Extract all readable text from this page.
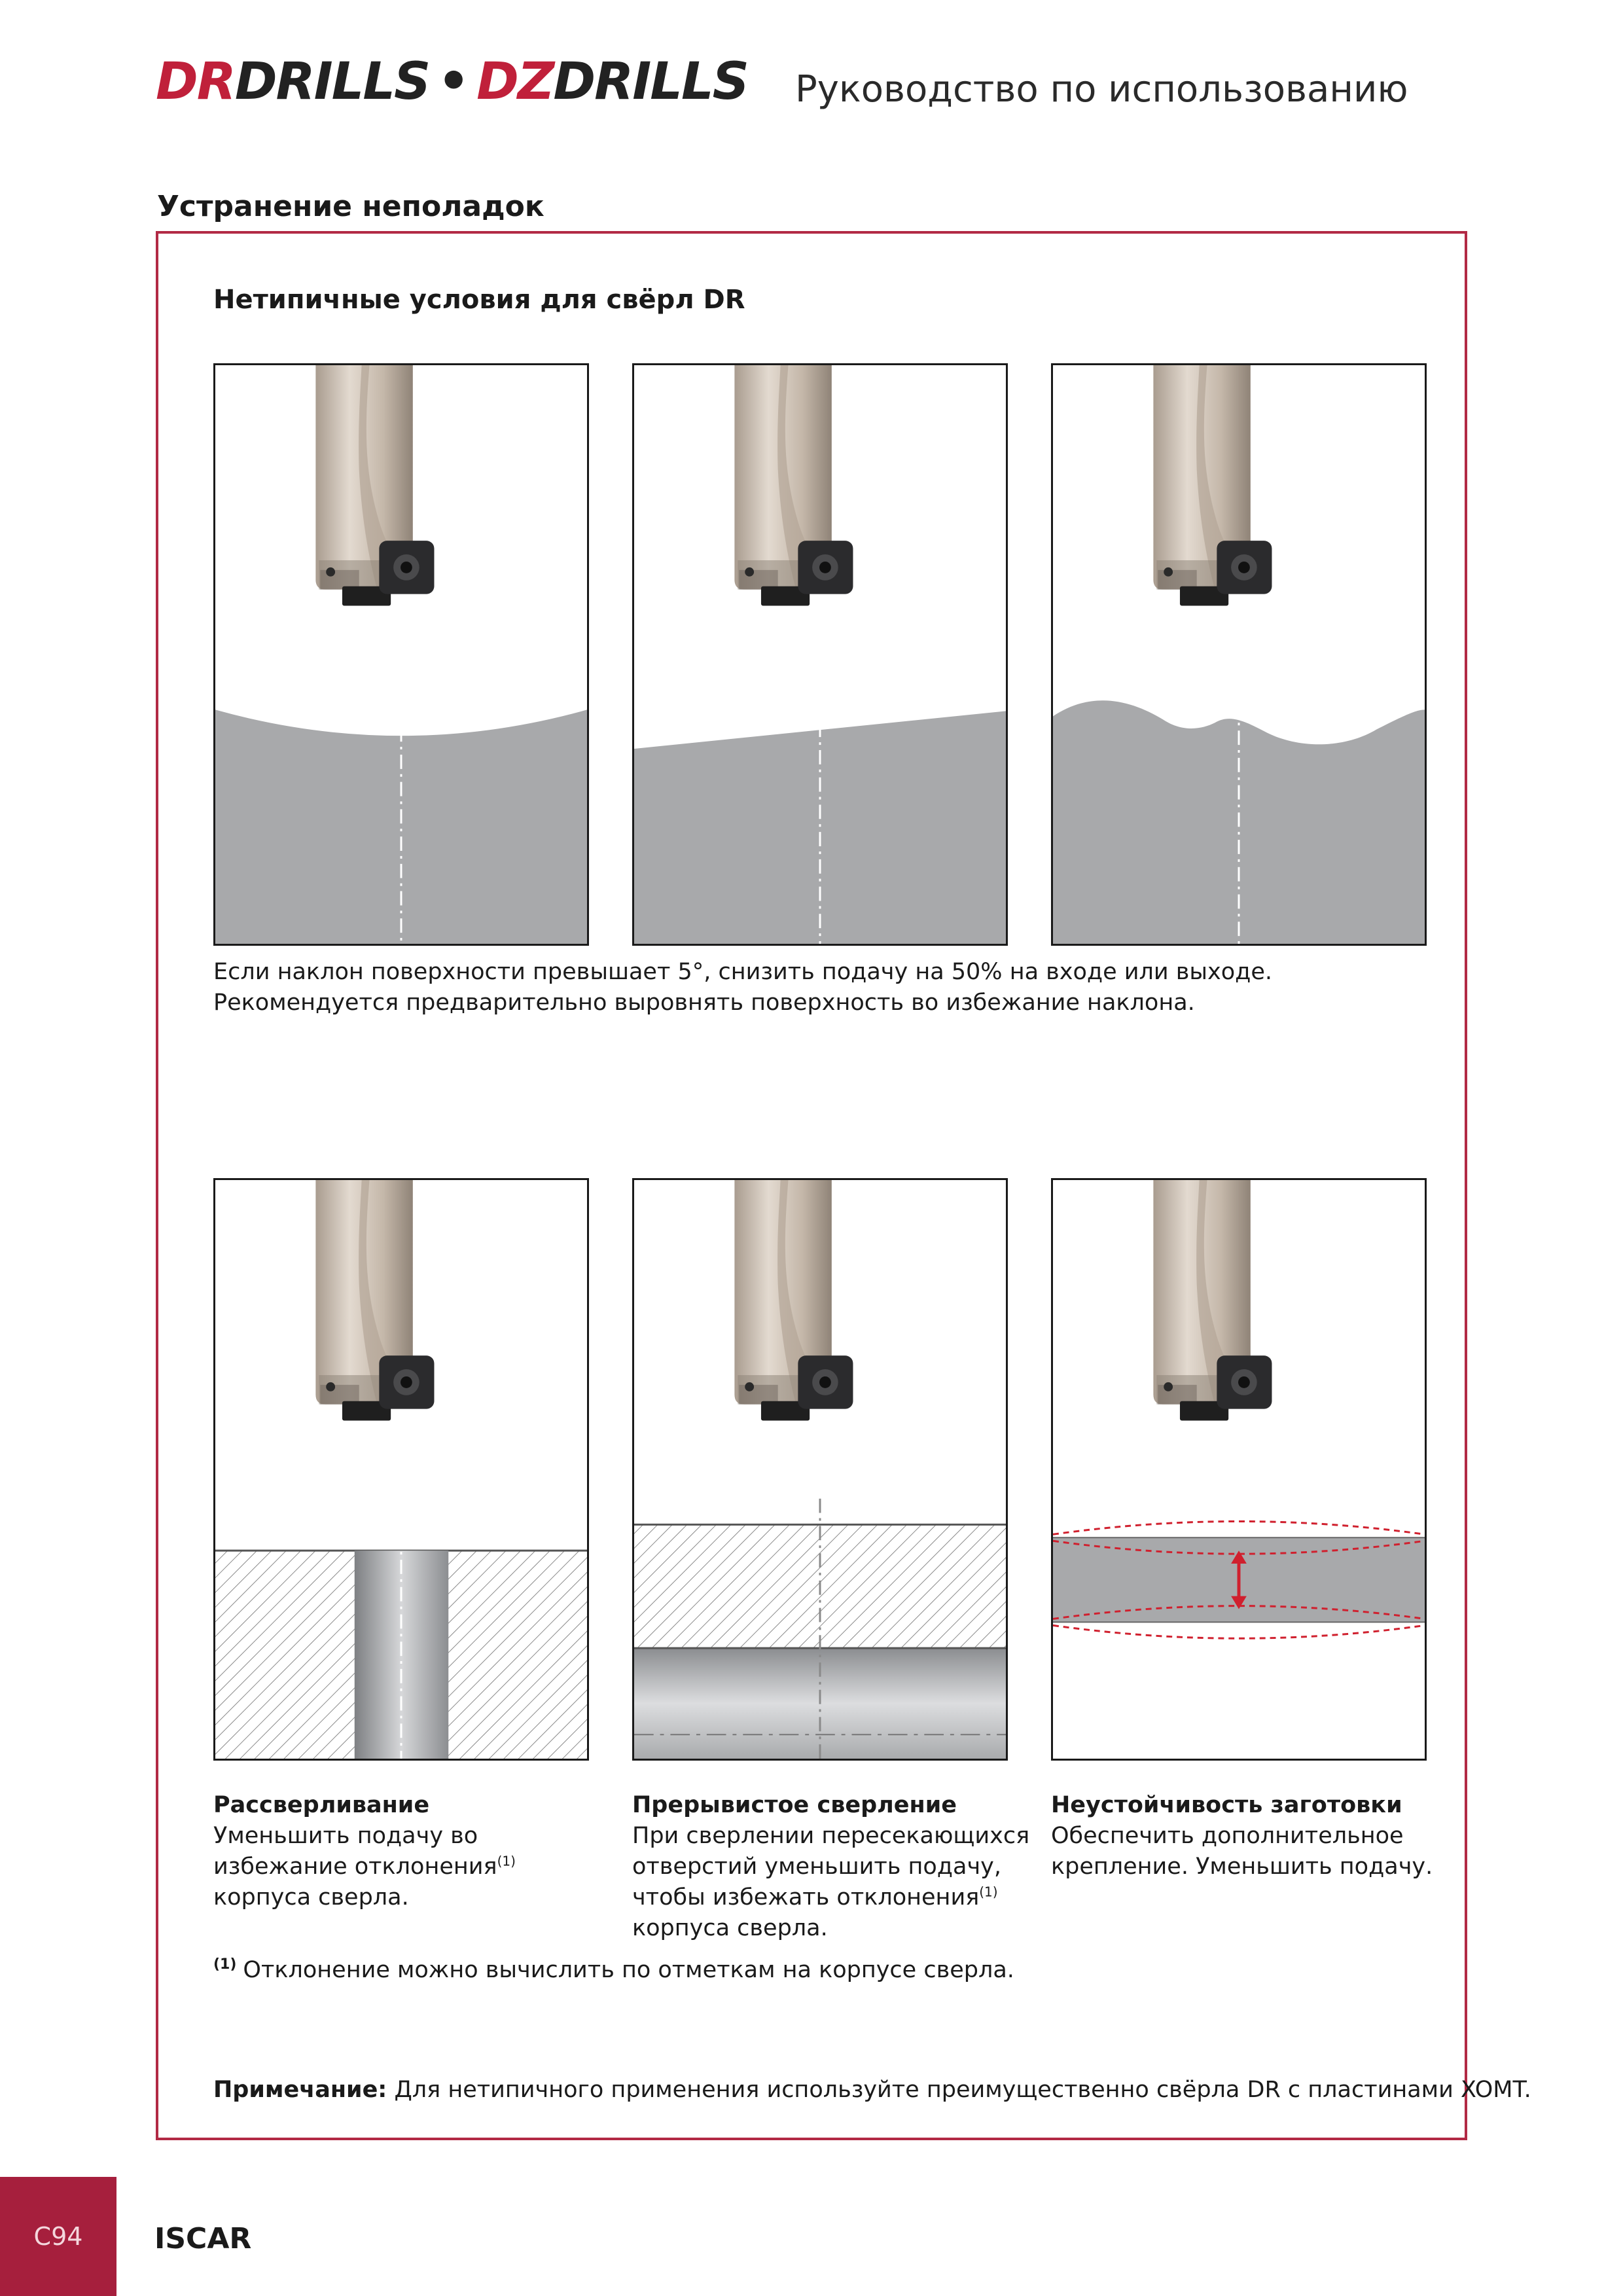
DRDRILLS • DZDRILLS Руководство по использованию
Устранение неполадок
Нетипичные условия для свёрл DR
Если наклон поверхности превышает 5°, снизить подачу на 50% на входе или выходе.
Рекомендуется предварительно выровнять поверхность во избежание наклона.
Рассверливание
Уменьшить подачу во
избежание отклонения$^{(1)}$
корпуса сверла.
Прерывистое сверление
При сверлении пересекающихся
отверстий уменьшить подачу,
чтобы избежать отклонения$^{(1)}$
корпуса сверла.
Неустойчивость заготовки
Обеспечить дополнительное
крепление. Уменьшить подачу.
$^{(1)}$ Отклонение можно вычислить по отметкам на корпусе сверла.
Примечание: Для нетипичного применения используйте преимущественно свёрла DR с пластинами XOMT.
C94 ISCAR
